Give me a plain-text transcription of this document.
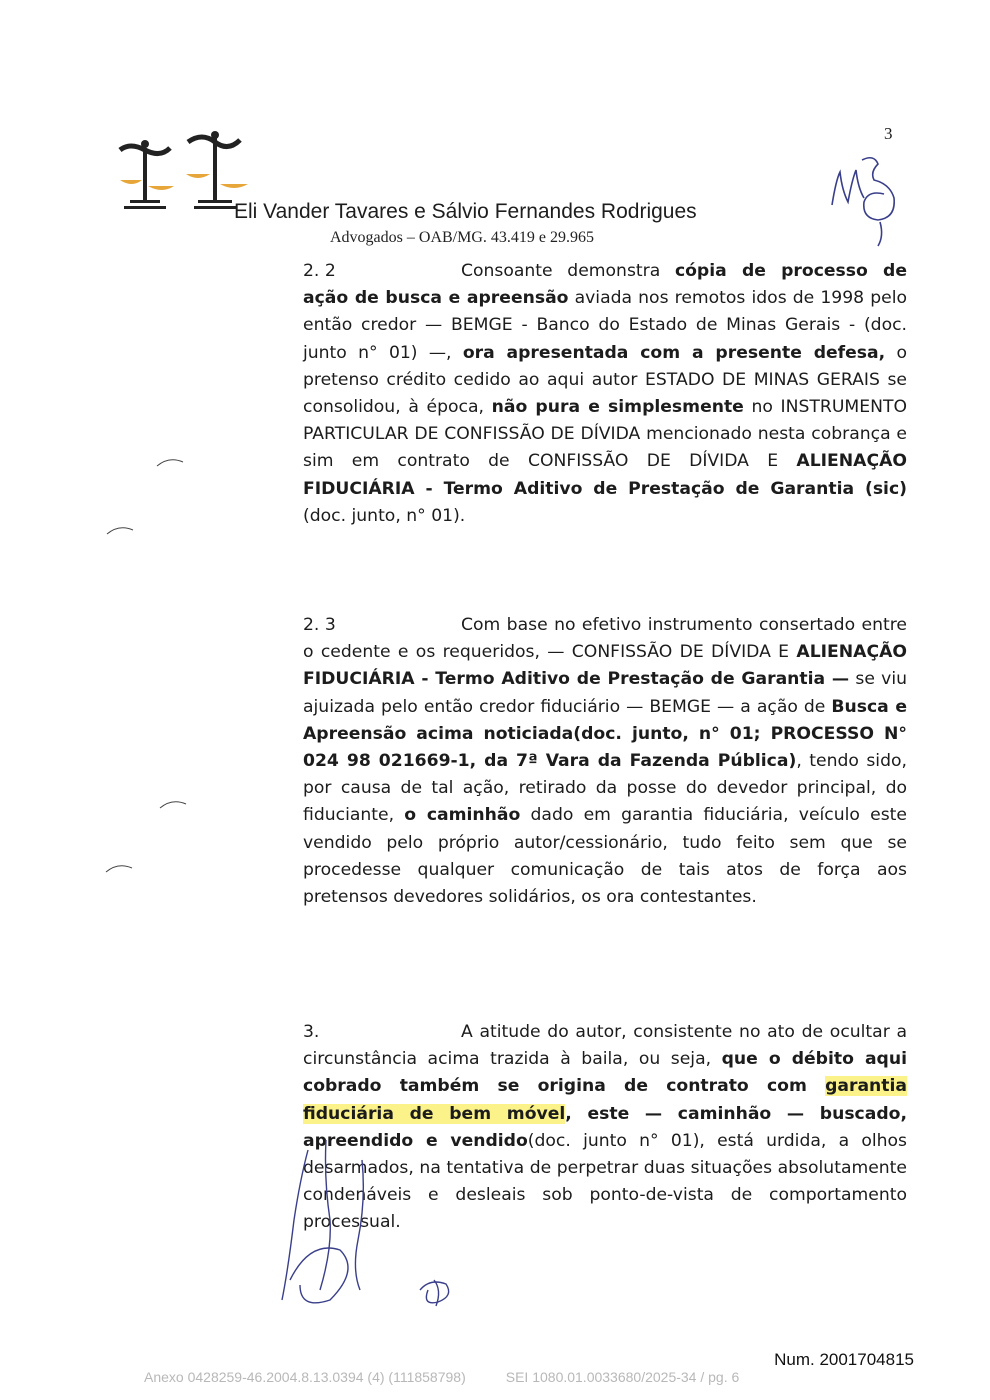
3
Eli Vander Tavares e Sálvio Fernandes Rodrigues
Advogados – OAB/MG. 43.419 e 29.965
2. 2	Consoante demonstra cópia de processo de ação de busca e apreensão aviada nos remotos idos de 1998 pelo então credor — BEMGE - Banco do Estado de Minas Gerais - (doc. junto n° 01) —, ora apresentada com a presente defesa, o pretenso crédito cedido ao aqui autor ESTADO DE MINAS GERAIS se consolidou, à época, não pura e simplesmente no INSTRUMENTO PARTICULAR DE CONFISSÃO DE DÍVIDA mencionado nesta cobrança e sim em contrato de CONFISSÃO DE DÍVIDA E ALIENAÇÃO FIDUCIÁRIA - Termo Aditivo de Prestação de Garantia (sic)(doc. junto, n° 01).
2. 3	Com base no efetivo instrumento consertado entre o cedente e os requeridos, — CONFISSÃO DE DÍVIDA E ALIENAÇÃO FIDUCIÁRIA - Termo Aditivo de Prestação de Garantia — se viu ajuizada pelo então credor fiduciário — BEMGE — a ação de Busca e Apreensão acima noticiada(doc. junto, n° 01; PROCESSO N° 024 98 021669-1, da 7ª Vara da Fazenda Pública), tendo sido, por causa de tal ação, retirado da posse do devedor principal, do fiduciante, o caminhão dado em garantia fiduciária, veículo este vendido pelo próprio autor/cessionário, tudo feito sem que se procedesse qualquer comunicação de tais atos de força aos pretensos devedores solidários, os ora contestantes.
3.	A atitude do autor, consistente no ato de ocultar a circunstância acima trazida à baila, ou seja, que o débito aqui cobrado também se origina de contrato com garantia fiduciária de bem móvel, este — caminhão — buscado, apreendido e vendido(doc. junto n° 01), está urdida, a olhos desarmados, na tentativa de perpetrar duas situações absolutamente condenáveis e desleais sob ponto-de-vista de comportamento processual.
Num. 2001704815
Anexo 0428259-46.2004.8.13.0394 (4) (111858798)	SEI 1080.01.0033680/2025-34 / pg. 6
